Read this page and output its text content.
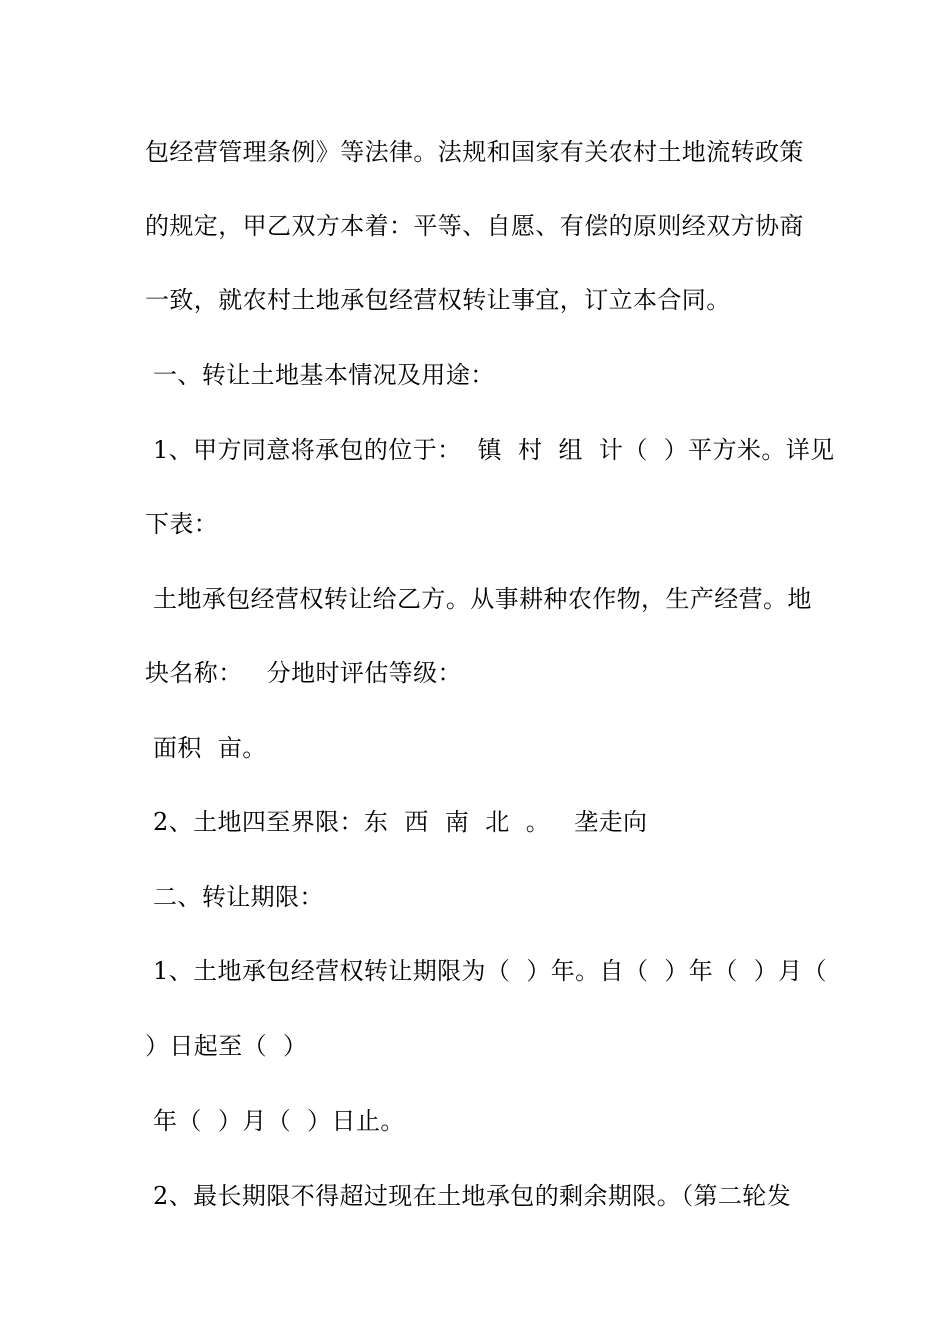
包经营管理条例》等法律。法规和国家有关农村土地流转政策
的规定，甲乙双方本着：平等、自愿、有偿的原则经双方协商
一致，就农村土地承包经营权转让事宜，订立本合同。
一、转让土地基本情况及用途：
1、甲方同意将承包的位于：  镇  村  组  计（  ）平方米。详见
下表：
土地承包经营权转让给乙方。从事耕种农作物，生产经营。地
块名称：   分地时评估等级：
面积  亩。
2、土地四至界限：东  西  南  北  。   垄走向
二、转让期限：
1、土地承包经营权转让期限为（  ）年。自（  ）年（  ）月（
）日起至（  ）
年（  ）月（  ）日止。
2、最长期限不得超过现在土地承包的剩余期限。（第二轮发
